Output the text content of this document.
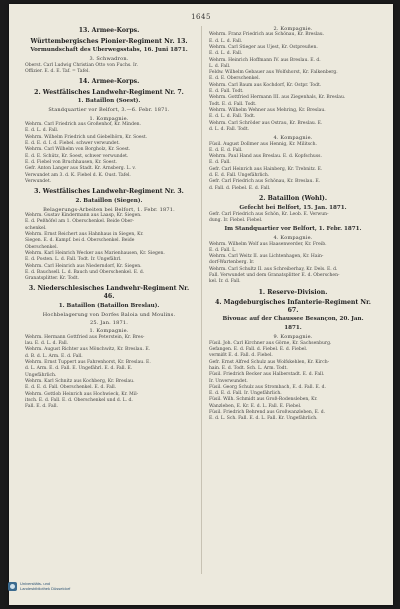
1645
13. Armee-Korps.
Württembergisches Pionier-Regiment Nr. 13.
Vormundschaft des Uberwegsstabs, 16. Juni 1871.
3. Schwadron.
Oberst. Carl Ludwig Christian Otto von Fuchs. Ir.
Offizier. E. d. E. Taf. = Tafel.
14. Armee-Korps.
2. Westfälisches Landwehr-Regiment Nr. 7.
1. Bataillon (Soest).
Standquartier vor Belfort, 3.—6. Febr. 1871.
1. Kompagnie.
Wehrm. Carl Friedrich aus Großenhof, Kr. Minden.
E. d. L. d. Fall.
Wehrm. Wilhelm Friedrich und Giebelhörn, Kr. Soest.
E. d. E. d. I. d. Fiebel. schwer verwundet.
Wehrm. Carl Wilhelm von Borgholz, Kr. Soest.
E. d. E. Schütz, Kr. Soest, schwer verwundet.
E. d. Fiebel von Bruchhausen, Kr. Soest.
Gefr. Anton Langer aus Stadt. Kr. Arnsberg. L. v.
Verwundet am 3. d. K. Fiebel d. K. Oust. Tafel.
Verwundet.
3. Westfälisches Landwehr-Regiment Nr. 3.
2. Bataillon (Siegen).
Belagerungs-Arbeiten bei Belfort, 1. Febr. 1871.
Wehrm. Gustav Kindermann aus Laasp, Kr. Siegen.
E. d. Peßhöfel am 1. Oberschenkel. Beide Ober-
schenkel.
Wehrm. Ernst Reichert aus Hahnhaus in Siegen, Kr.
Siegen. E. d. Kampf. bei d. Oberschenkel. Beide
Oberschenkel.
Wehrm. Karl Heinrich Wecker aus Marienhausen, Kr. Siegen.
E. d. Posten. L. d. Fall. Todt. Ir. Ungefährl.
Wehrm. Carl Heinrich aus Niederndorf, Kr. Siegen.
E. d. Bauchsell. L. d. Bauch und Oberschenkel. E. d.
Granatsplitter. Kr. Todt.
3. Niederschlesisches Landwehr-Regiment Nr. 46.
1. Bataillon (Bataillon Breslau).
Hochbelagerung von Dorfes Baloia und Moulins.
25. Jan. 1871.
1. Kompagnie.
Wehrm. Hermann Gottfried aus Peterstein, Kr. Bres-
lau. E. d. L. d. Fall.
Wehrm. August Richter aus Mönchwitz, Kr. Breslau. E.
d. B. d. L. Arm. E. d. Fall.
Wehrm. Ernst Tuppert aus Fahrenhorst, Kr. Breslau. E.
d. L. Arm. E. d. Fall. E. Ungefährl. E. d. Fall. E.
Ungefährlich.
Wehrm. Karl Schnitz aus Kochberg, Kr. Breslau.
E. d. E. d. Fall. Oberschenkel. E. d. Fall.
Wehrm. Gottlob Heinrich aus Hochwieck, Kr. Mil-
itsch. E. d. Fall. E. d. Oberschenkel und d. L. d.
Fall. E. d. Fall.
2. Kompagnie.
Wehrm. Franz Friedrich aus Schönau, Kr. Breslau.
E. d. L. d. Fall.
Wehrm. Carl Stieger aus Ujest, Kr. Ostpreußen.
E. d. L. d. Fall.
Wehrm. Heinrich Hoffmann IV. aus Breslau. E. d.
L. d. Fall.
Feldw. Wilhelm Gebauer aus Wolfshorst, Kr. Falkenberg.
E. d. E. Oberschenkel.
Wehrm. Carl Baum aus Kochdorf, Kr. Ostpr. Todt.
E. d. Fall. Todt.
Wehrm. Gottfried Hermann III. aus Ziegenhals, Kr. Breslau.
Todt. E. d. Fall. Todt.
Wehrm. Wilhelm Wehner aus Mehring, Kr. Breslau.
E. d. L. d. Fall. Todt.
Wehrm. Carl Schröder aus Ostrau, Kr. Breslau. E.
d. L. d. Fall. Todt.
4. Kompagnie.
Füsil. August Dollmer aus Hennig, Kr. Militsch.
E. d. E. d. Fall.
Wehrm. Paul Hand aus Breslau. E. d. Kopfschuss.
E. d. Fall.
Gefr. Carl Heinrich aus Hainberg, Kr. Trebnitz. E.
d. E. d. Fall. Ungefährlich.
Gefr. Carl Friedrich aus Schönau, Kr. Breslau. E.
d. Fall. d. Fiebel. E. d. Fall.
2. Bataillon (Wohl).
Gefecht bei Belfort, 15. Jan. 1871.
Gefr. Carl Friedrich aus Schön, Kr. Leob. E. Verwun-
dung. Ir. Fiebel. Fiebel.
Im Standquartier vor Belfort, 1. Febr. 1871.
4. Kompagnie.
Wehrm. Wilhelm Wolf aus Haasenwerder, Kr. Freib.
E. d. Fall. L.
Wehrm. Carl Weitz II. aus Lichtenhagen, Kr. Hain-
dorf-Wartenberg. Ir.
Wehrm. Carl Schultz II. aus Schreiberhay, Kr. Dels. E. d.
Fall. Verwundet und dem Granatsplitter E. d. Oberschen-
kel. Ir. d. Fall.
1. Reserve-Division.
4. Magdeburgisches Infanterie-Regiment Nr. 67.
Bivouac auf der Chaussee Besançon, 20. Jan.
1871.
9. Kompagnie.
Füsil. Joh. Carl Kirchner aus Görne, Kr. Sachsenburg.
Gefangen. E. d. Fall. d. Fiebel. E. d. Fiebel.
vermißt E. d. Fall. d. Fiebel.
Gefr. Ernst Alfred Schulz aus Wolfskehlen, Kr. Kirch-
hain. E. d. Todt. Sch. L. Arm. Todt.
Füsil. Friedrich Becker aus Halberstadt. E. d. Fall.
Ir. Unverwundet.
Füsil. Georg Schulz aus Strombach, E. d. Fall. E. d.
E. d. E. d. Fall. Ir. Ungefährlich.
Füsil. Wilh. Schmidt aus Groß-Rodensleben, Kr.
Wanzleben, E. Kr. E. d. L. Fall. E. Fiebel.
Füsil. Friedrich Behrend aus Großwanzleben, E. d.
E. d. L. Sch. Fall. E. d. L. Fall. Kr. Ungefährlich.
Universitäts- und
Landesbibliothek Düsseldorf
